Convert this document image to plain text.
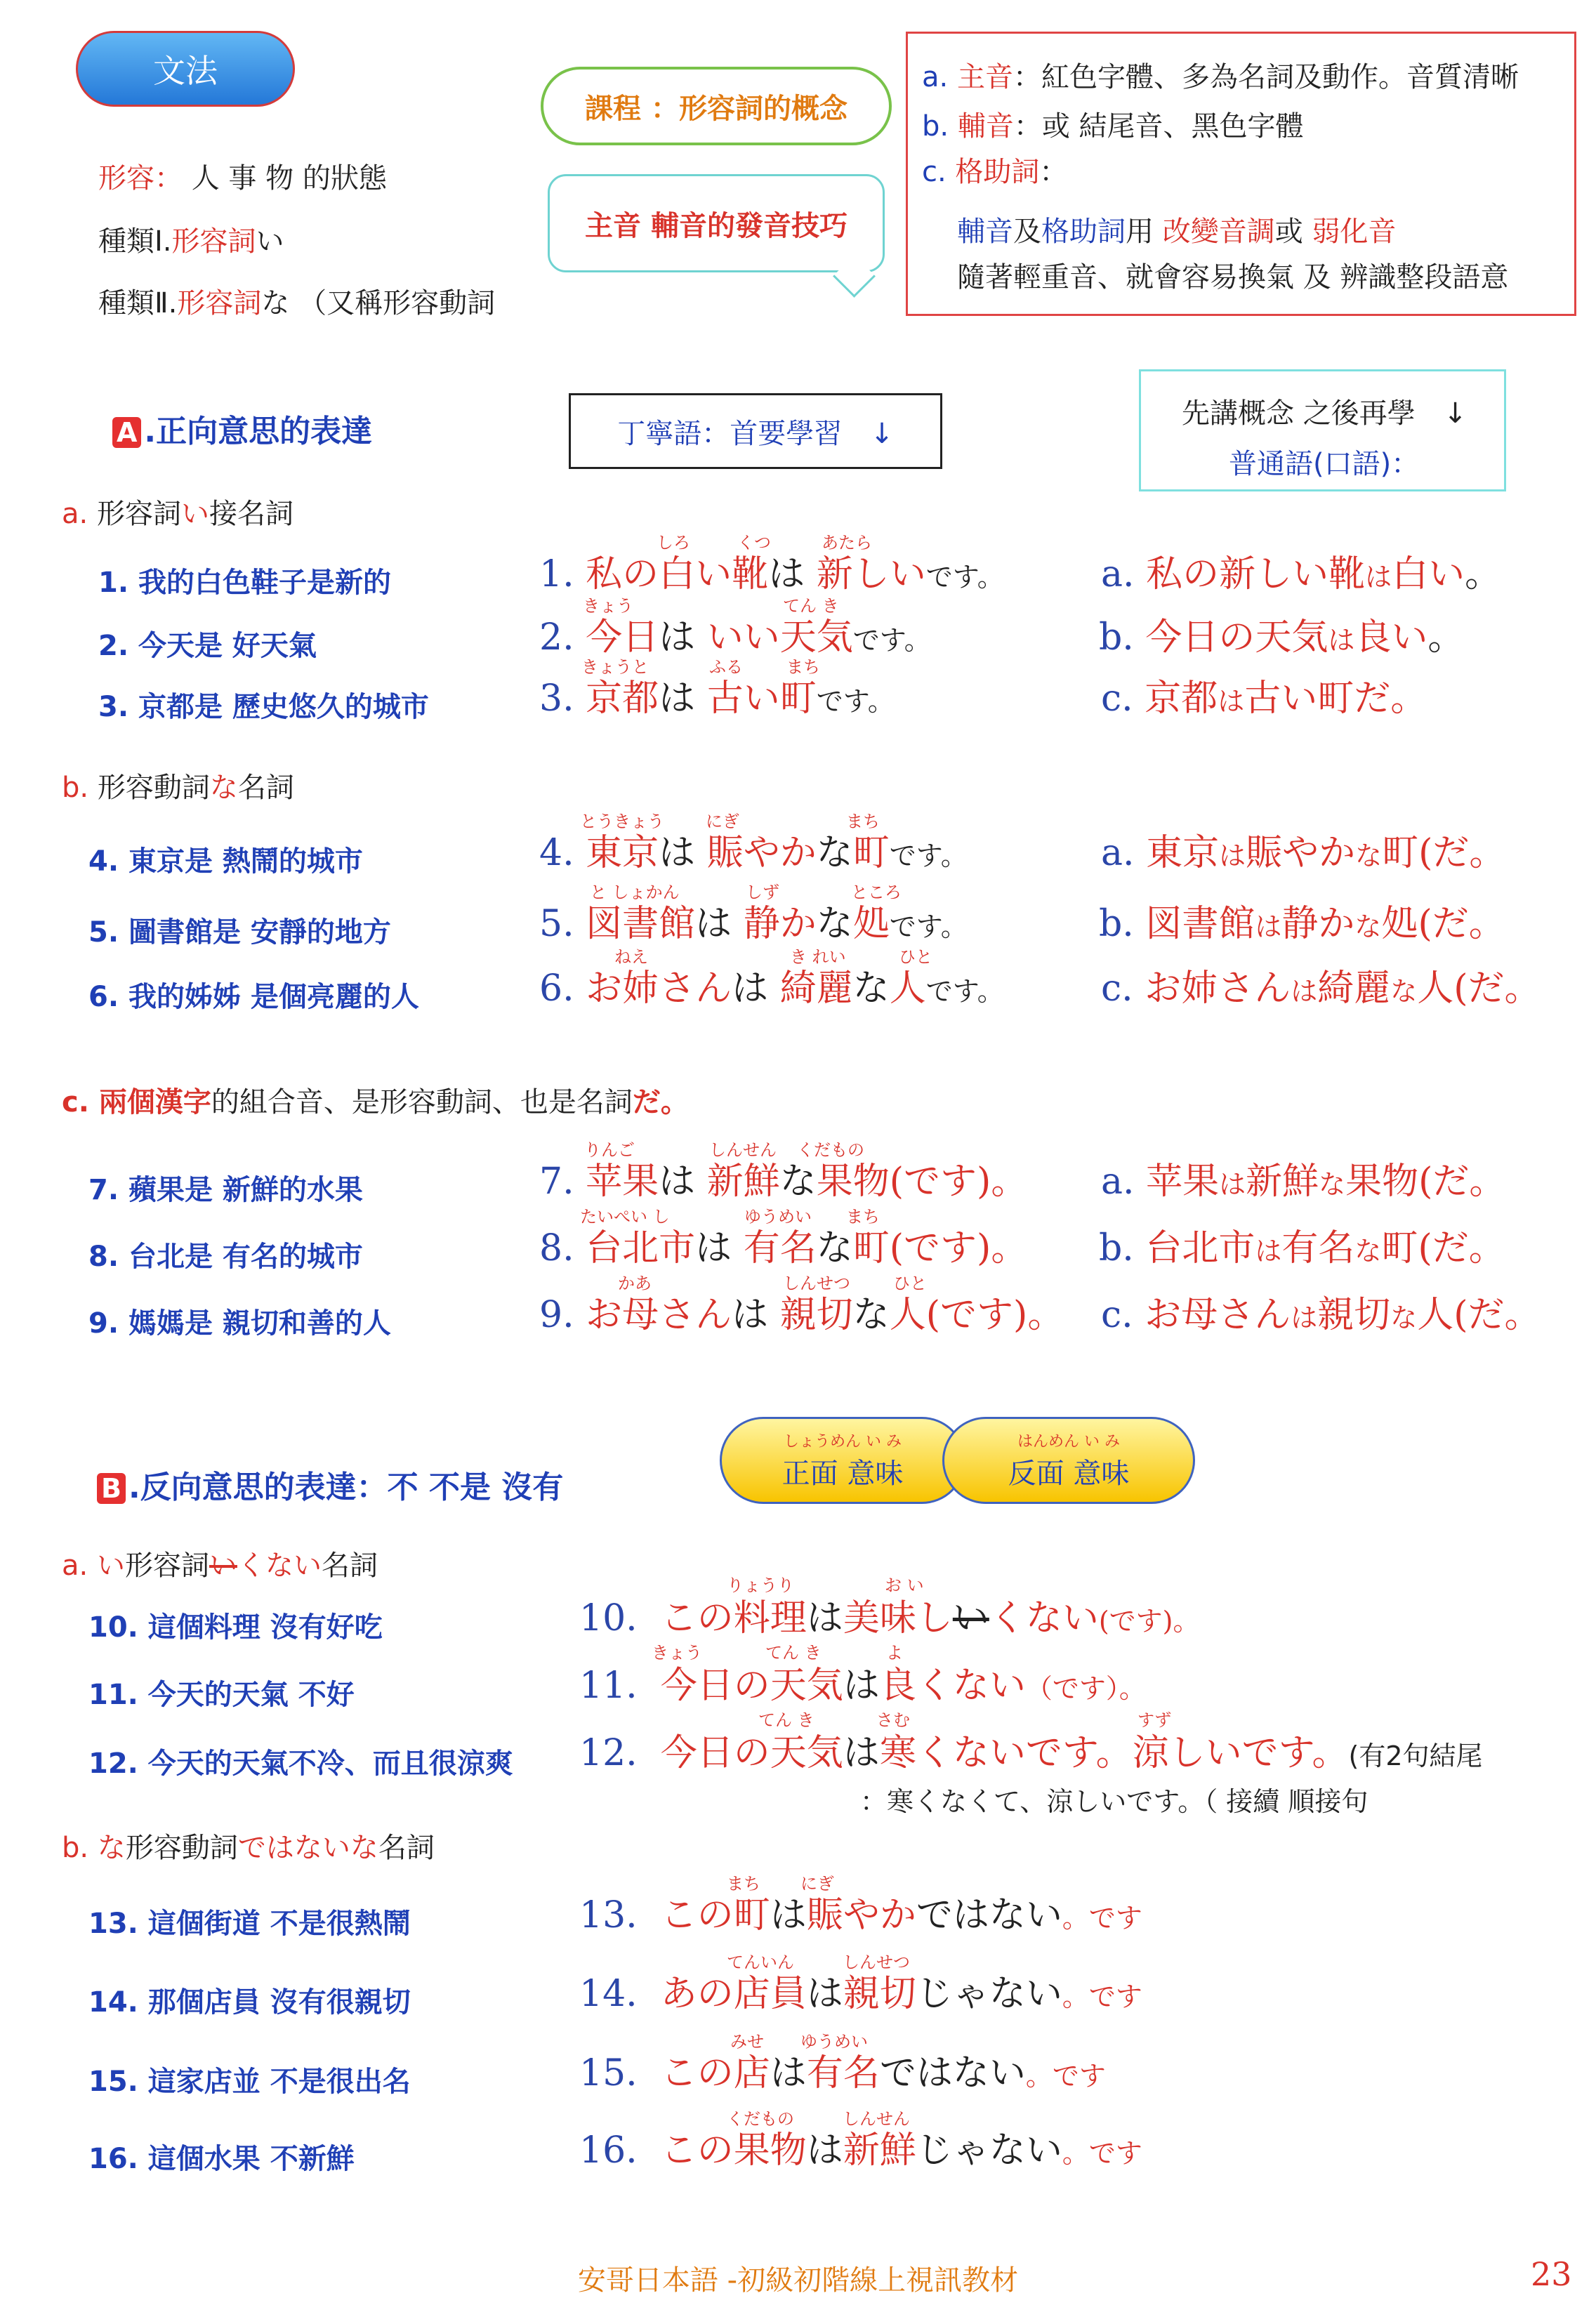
文法
形容： 人 事 物 的狀態
種類Ⅰ.形容詞い
種類Ⅱ.形容詞な （又稱形容動詞
課程 ：形容詞的概念
主音 輔音的發音技巧
a. 主音：紅色字體、多為名詞及動作。音質清晰
b. 輔音：或 結尾音、黑色字體
c. 格助詞：
輔音及格助詞用 改變音調或 弱化音
隨著輕重音、就會容易換氣 及 辨識整段語意
A .正向意思的表達	丁寧語：首要學習　↓
先講概念 之後再學　↓
普通語(口語)：
a. 形容詞い接名詞
b. 形容動詞な名詞
c. 兩個漢字的組合音、是形容動詞、也是名詞だ。
1. 我的白色鞋子是新的
しろ	くつ	あたら
1. 私の白い靴は 新しいです。	a. 私の新しい靴は白い。
2. 今天是 好天氣
きょう	てん き
2. 今日は いい天気です。	b. 今日の天気は良い。
3. 京都是 歷史悠久的城市
きょうと	ふる	まち
3. 京都は 古い町です。	c. 京都は古い町だ。
4. 東京是 熱鬧的城市
とうきょう にぎ	まち
4. 東京は 賑やかな町です。	a. 東京は賑やかな町(だ。
5. 圖書館是 安靜的地方
と しょかん	しず	ところ
5. 図書館は 静かな処です。	b. 図書館は静かな処(だ。
6. 我的姊姊 是個亮麗的人
ねえ	き れい	ひと
6. お姉さんは 綺麗な人です。	c. お姉さんは綺麗な人(だ。
7. 蘋果是 新鮮的水果
りんご	しんせん くだもの
7. 苹果は 新鮮な果物(です)。 a. 苹果は新鮮な果物(だ。
8. 台北是 有名的城市
たいぺい し	ゆうめい まち
8. 台北市は 有名な町(です)。 b. 台北市は有名な町(だ。
9. 媽媽是 親切和善的人
かあ	しんせつ	ひと
9. お母さんは 親切な人(です)。 c. お母さんは親切な人(だ。
しょうめん い み
正面 意味
はんめん い み
反面 意味
B .反向意思的表達：不 不是 沒有
a. い形容詞いくない名詞
b. な形容動詞ではないな名詞
10. 這個料理 沒有好吃
りょうり	お い
10. この料理は美味しいくない(です)。
11. 今天的天氣 不好
きょう	てん き	よ
11. 今日の天気は良くない（です）。
12. 今天的天氣不冷、而且很涼爽
てん き	さむ	すず
12. 今日の天気は寒くないです。涼しいです。(有2句結尾
：寒くなくて、涼しいです。（ 接續 順接句
13. 這個街道 不是很熱鬧
まち にぎ
13. この町は賑やかではない。です
14. 那個店員 沒有很親切
てんいん	しんせつ
14. あの店員は親切じゃない。です
15. 這家店並 不是很出名
みせ ゆうめい
15. この店は有名ではない。です
16. 這個水果 不新鮮
くだもの	しんせん
16. この果物は新鮮じゃない。です
安哥日本語 -初級初階線上視訊教材	23
